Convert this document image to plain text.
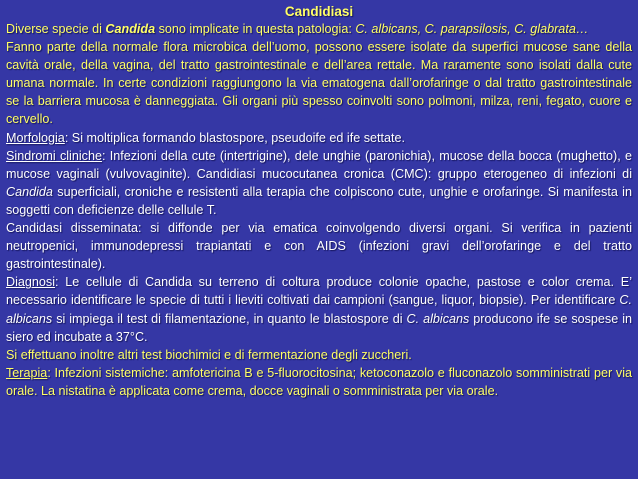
Candidiasi

Diverse specie di Candida sono implicate in questa patologia: C. albicans, C. parapsilosis, C. glabrata…

Fanno parte della normale flora microbica dell’uomo, possono essere isolate da superfici mucose sane della cavità orale, della vagina, del tratto gastrointestinale e dell’area rettale. Ma raramente sono isolati dalla cute umana normale. In certe condizioni raggiungono la via ematogena dall’orofaringe o dal tratto gastrointestinale se la barriera mucosa è danneggiata. Gli organi più spesso coinvolti sono polmoni, milza, reni, fegato, cuore e cervello.

Morfologia: Si moltiplica formando blastospore, pseudoife ed ife settate.

Sindromi cliniche: Infezioni della cute (intertrigine), dele unghie (paronichia), mucose della bocca (mughetto), e mucose vaginali (vulvovaginite). Candidiasi mucocutanea cronica (CMC): gruppo eterogeneo di infezioni di Candida superficiali, croniche e resistenti alla terapia che colpiscono cute, unghie e orofaringe. Si manifesta in soggetti con deficienze delle cellule T.

Candidasi disseminata: si diffonde per via ematica coinvolgendo diversi organi. Si verifica in pazienti neutropenici, immunodepressi trapiantati e con AIDS (infezioni gravi dell’orofaringe e del tratto gastrointestinale).

Diagnosi: Le cellule di Candida su terreno di coltura produce colonie opache, pastose e color crema. E’ necessario identificare le specie di tutti i lieviti coltivati dai campioni (sangue, liquor, biopsie). Per identificare C. albicans si impiega il test di filamentazione, in quanto le blastospore di C. albicans producono ife se sospese in siero ed incubate a 37°C.

Si effettuano inoltre altri test biochimici e di fermentazione degli zuccheri.

Terapia: Infezioni sistemiche: amfotericina B e 5-fluorocitosina; ketoconazolo e fluconazolo somministrati per via orale. La nistatina è applicata come crema, docce vaginali o somministrata per via orale.
